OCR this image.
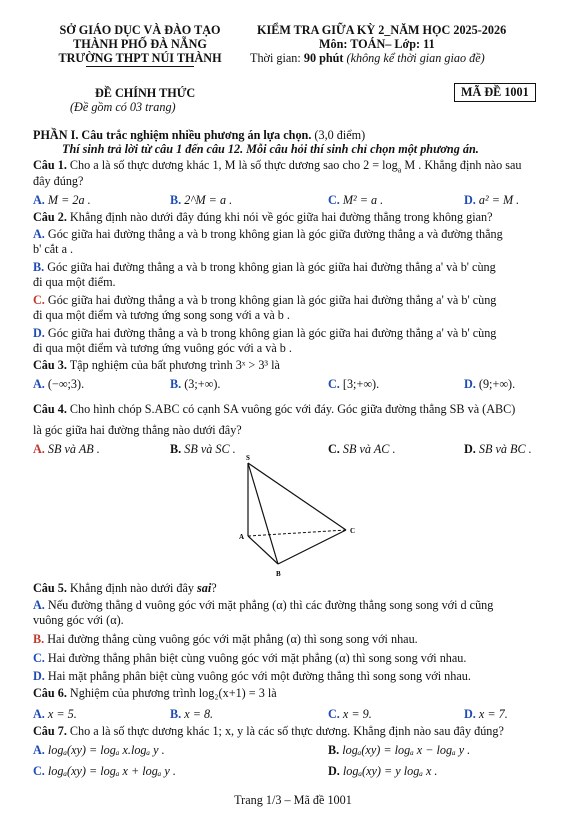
SỞ GIÁO DỤC VÀ ĐÀO TẠO
THÀNH PHỐ ĐÀ NẴNG
TRƯỜNG THPT NÚI THÀNH
KIỂM TRA GIỮA KỲ 2_NĂM HỌC 2025-2026
Môn: TOÁN– Lớp: 11
Thời gian: 90 phút (không kể thời gian giao đề)
ĐỀ CHÍNH THỨC
(Đề gồm có 03 trang)
MÃ ĐỀ 1001
PHẦN I. Câu trắc nghiệm nhiều phương án lựa chọn. (3,0 điểm)
Thí sinh trả lời từ câu 1 đến câu 12. Mỗi câu hỏi thí sinh chỉ chọn một phương án.
Câu 1. Cho a là số thực dương khác 1, M là số thực dương sao cho $2 = \log_a M$ . Khẳng định nào sau
đây đúng?
A. M = 2a .	B. 2^M = a .	C. M² = a .	D. a² = M .
Câu 2. Khẳng định nào dưới đây đúng khi nói về góc giữa hai đường thẳng trong không gian?
A. Góc giữa hai đường thẳng a và b trong không gian là góc giữa đường thẳng a và đường thẳng
b' cắt a .
B. Góc giữa hai đường thẳng a và b trong không gian là góc giữa hai đường thẳng a' và b' cùng
đi qua một điểm.
C. Góc giữa hai đường thẳng a và b trong không gian là góc giữa hai đường thẳng a' và b' cùng
đi qua một điểm và tương ứng song song với a và b .
D. Góc giữa hai đường thẳng a và b trong không gian là góc giữa hai đường thẳng a' và b' cùng
đi qua một điểm và tương ứng vuông góc với a và b .
Câu 3. Tập nghiệm của bất phương trình 3ˣ > 3³ là
A. (−∞;3).	B. (3;+∞).	C. [3;+∞).	D. (9;+∞).
Câu 4. Cho hình chóp S.ABC có cạnh SA vuông góc với đáy. Góc giữa đường thẳng SB và (ABC)
là góc giữa hai đường thẳng nào dưới đây?
A. SB và AB .	B. SB và SC .	C. SB và AC .	D. SB và BC .
S
A
B
C
Câu 5. Khẳng định nào dưới đây sai?
A. Nếu đường thẳng d vuông góc với mặt phẳng (α) thì các đường thẳng song song với d cũng
vuông góc với (α).
B. Hai đường thẳng cùng vuông góc với mặt phẳng (α) thì song song với nhau.
C. Hai đường thẳng phân biệt cùng vuông góc với mặt phẳng (α) thì song song với nhau.
D. Hai mặt phẳng phân biệt cùng vuông góc với một đường thẳng thì song song với nhau.
Câu 6. Nghiệm của phương trình log₂(x+1) = 3 là
A. x = 5.	B. x = 8.	C. x = 9.	D. x = 7.
Câu 7. Cho a là số thực dương khác 1; x, y là các số thực dương. Khẳng định nào sau đây đúng?
A. logₐ(xy) = logₐ x.logₐ y .	B. logₐ(xy) = logₐ x − logₐ y .
C. logₐ(xy) = logₐ x + logₐ y .	D. logₐ(xy) = y logₐ x .
Trang 1/3 – Mã đề 1001
